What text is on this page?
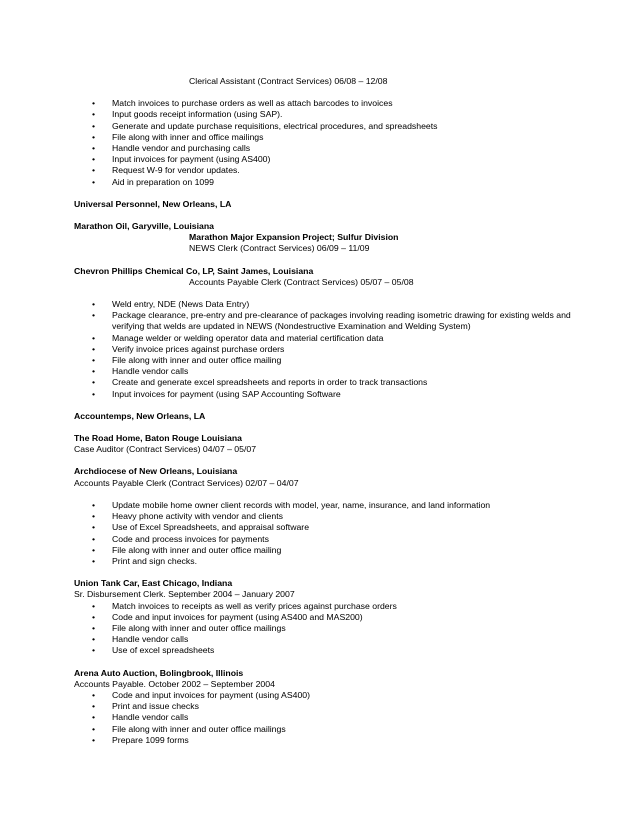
Clerical Assistant (Contract Services) 06/08 – 12/08
• Match invoices to purchase orders as well as attach barcodes to invoices
• Input goods receipt information (using SAP).
• Generate and update purchase requisitions, electrical procedures, and spreadsheets
• File along with inner and office mailings
• Handle vendor and purchasing calls
• Input invoices for payment (using AS400)
• Request W-9 for vendor updates.
• Aid in preparation on 1099
Universal Personnel, New Orleans, LA
Marathon Oil, Garyville, Louisiana
Marathon Major Expansion Project; Sulfur Division
NEWS Clerk (Contract Services) 06/09 – 11/09
Chevron Phillips Chemical Co, LP, Saint James, Louisiana
Accounts Payable Clerk (Contract Services) 05/07 – 05/08
• Weld entry, NDE (News Data Entry)
• Package clearance, pre-entry and pre-clearance of packages involving reading isometric drawing for existing welds and verifying that welds are updated in NEWS (Nondestructive Examination and Welding System)
• Manage welder or welding operator data and material certification data
• Verify invoice prices against purchase orders
• File along with inner and outer office mailing
• Handle vendor calls
• Create and generate excel spreadsheets and reports in order to track transactions
• Input invoices for payment (using SAP Accounting Software
Accountemps, New Orleans, LA
The Road Home, Baton Rouge Louisiana
Case Auditor (Contract Services) 04/07 – 05/07
Archdiocese of New Orleans, Louisiana
Accounts Payable Clerk (Contract Services) 02/07 – 04/07
• Update mobile home owner client records with model, year, name, insurance, and land information
• Heavy phone activity with vendor and clients
• Use of Excel Spreadsheets, and appraisal software
• Code and process invoices for payments
• File along with inner and outer office mailing
• Print and sign checks.
Union Tank Car, East Chicago, Indiana
Sr. Disbursement Clerk. September 2004 – January 2007
• Match invoices to receipts as well as verify prices against purchase orders
• Code and input invoices for payment (using AS400 and MAS200)
• File along with inner and outer office mailings
• Handle vendor calls
• Use of excel spreadsheets
Arena Auto Auction, Bolingbrook, Illinois
Accounts Payable. October 2002 – September 2004
• Code and input invoices for payment (using AS400)
• Print and issue checks
• Handle vendor calls
• File along with inner and outer office mailings
• Prepare 1099 forms
